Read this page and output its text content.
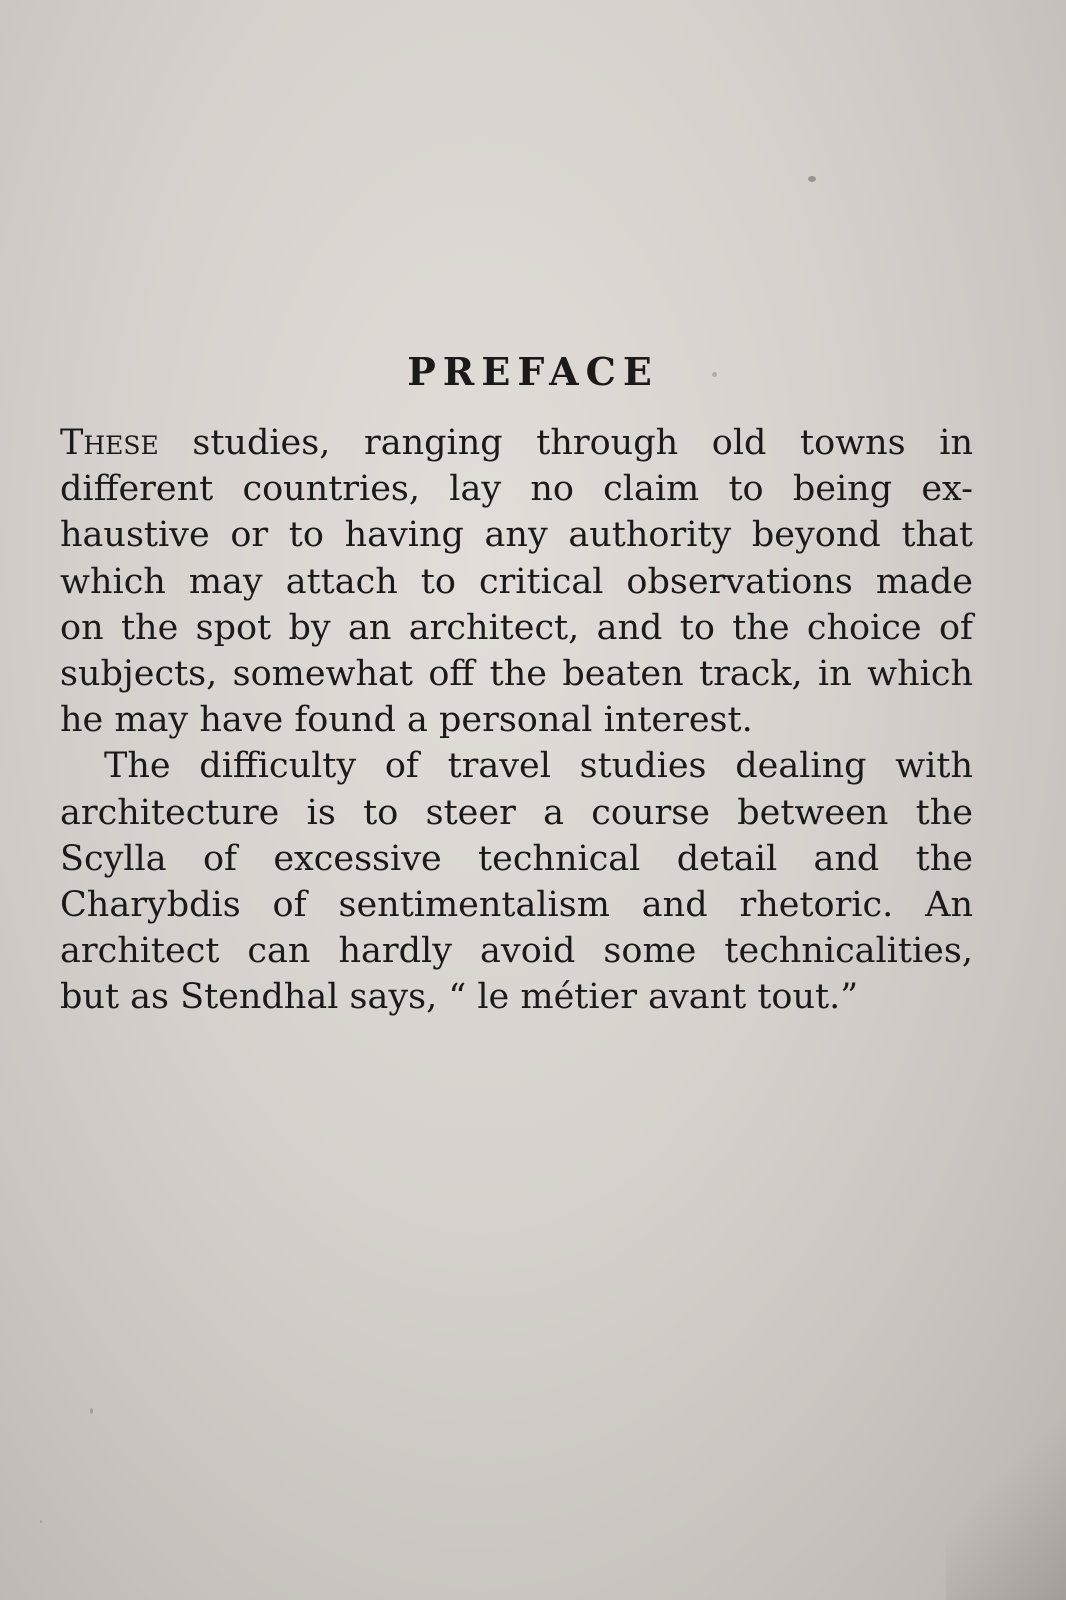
PREFACE

These studies, ranging through old towns in
different countries, lay no claim to being ex-
haustive or to having any authority beyond that
which may attach to critical observations made
on the spot by an architect, and to the choice of
subjects, somewhat off the beaten track, in which
he may have found a personal interest.

The difficulty of travel studies dealing with
architecture is to steer a course between the
Scylla of excessive technical detail and the
Charybdis of sentimentalism and rhetoric. An
architect can hardly avoid some technicalities,
but as Stendhal says, “ le métier avant tout.”
